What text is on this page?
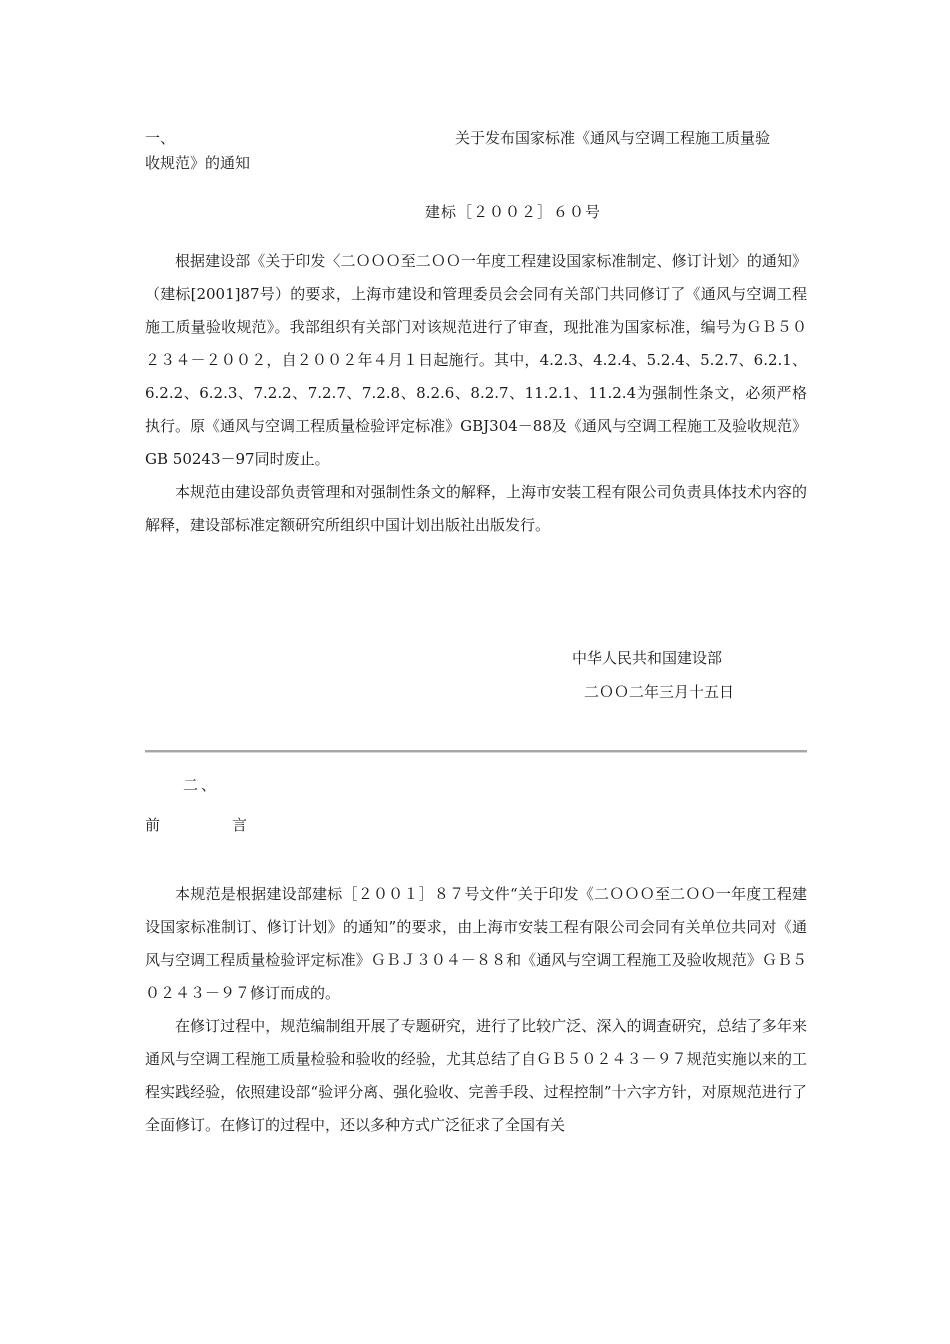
一、	关于发布国家标准《通风与空调工程施工质量验
收规范》的通知
建标［２００２］６０号

根据建设部《关于印发〈二ＯＯＯ至二ＯＯ一年度工程建设国家标准制定、修订计划〉的通知》（建标[2001]87号）的要求，上海市建设和管理委员会会同有关部门共同修订了《通风与空调工程施工质量验收规范》。我部组织有关部门对该规范进行了审查，现批准为国家标准，编号为ＧＢ５０２３４－２００２，自２００２年４月１日起施行。其中，4.2.3、4.2.4、5.2.4、5.2.7、6.2.1、6.2.2、6.2.3、7.2.2、7.2.7、7.2.8、8.2.6、8.2.7、11.2.1、11.2.4为强制性条文，必须严格执行。原《通风与空调工程质量检验评定标准》GBJ304－88及《通风与空调工程施工及验收规范》GB 50243－97同时废止。

本规范由建设部负责管理和对强制性条文的解释，上海市安装工程有限公司负责具体技术内容的解释，建设部标准定额研究所组织中国计划出版社出版发行。

中华人民共和国建设部
二ＯＯ二年三月十五日
二、
前	言

本规范是根据建设部建标［２００１］８７号文件“关于印发《二ＯＯＯ至二ＯＯ一年度工程建设国家标准制订、修订计划》的通知”的要求，由上海市安装工程有限公司会同有关单位共同对《通风与空调工程质量检验评定标准》ＧＢＪ３０４－８８和《通风与空调工程施工及验收规范》ＧＢ５０２４３－９７修订而成的。

在修订过程中，规范编制组开展了专题研究，进行了比较广泛、深入的调查研究，总结了多年来通风与空调工程施工质量检验和验收的经验，尤其总结了自ＧＢ５０２４３－９７规范实施以来的工程实践经验，依照建设部“验评分离、强化验收、完善手段、过程控制”十六字方针，对原规范进行了全面修订。在修订的过程中，还以多种方式广泛征求了全国有关
